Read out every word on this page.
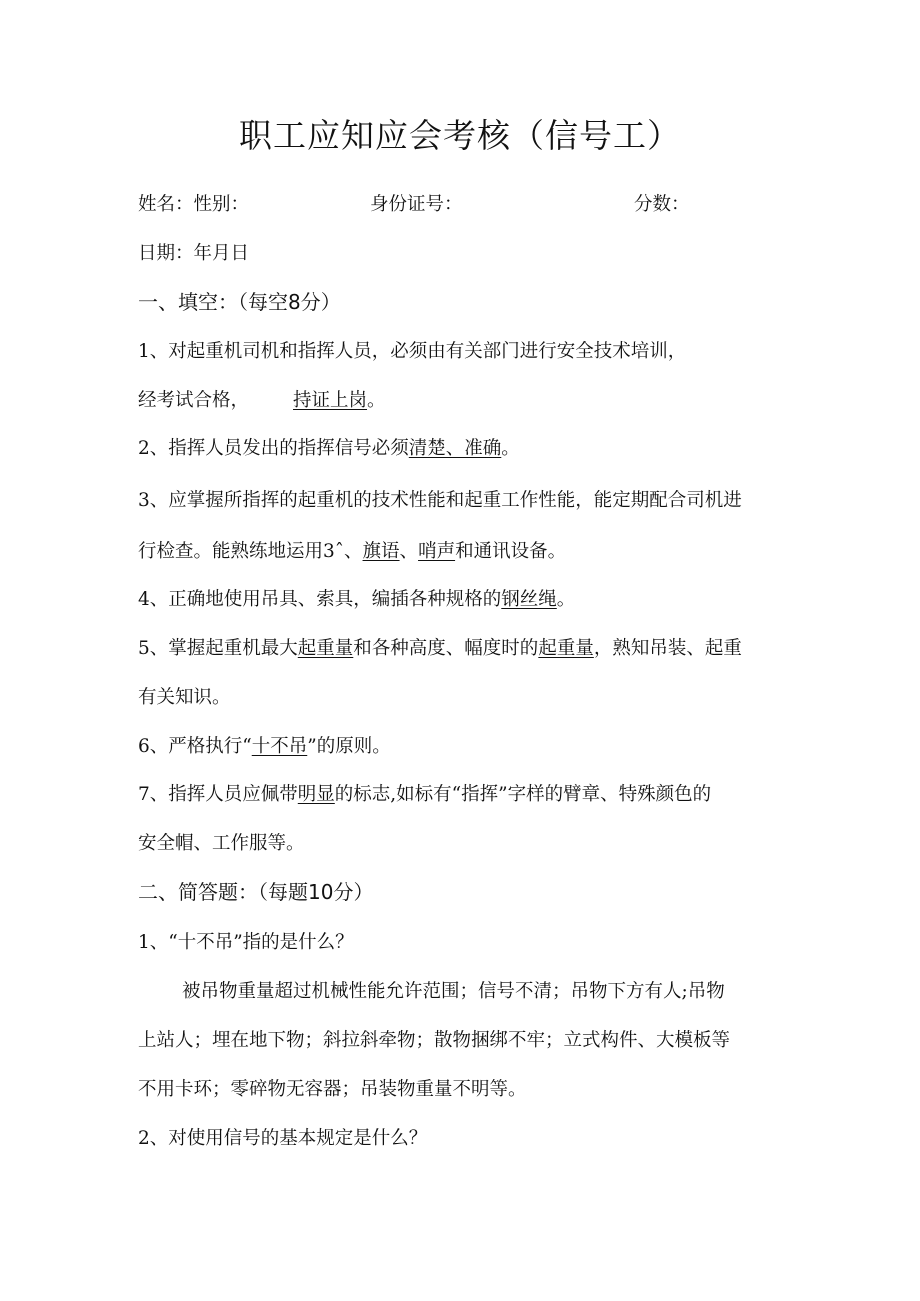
职工应知应会考核（信号工）
姓名：性别：	身份证号：	分数：
日期：年月日
一、填空：（每空8分）
1、对起重机司机和指挥人员，必须由有关部门进行安全技术培训，
经考试合格， 持证上岗。
2、指挥人员发出的指挥信号必须清楚、准确。
3、应掌握所指挥的起重机的技术性能和起重工作性能，能定期配合司机进
行检查。能熟练地运用3ˆ、旗语、哨声和通讯设备。
4、正确地使用吊具、索具，编插各种规格的钢丝绳。
5、掌握起重机最大起重量和各种高度、幅度时的起重量，熟知吊装、起重
有关知识。
6、严格执行“十不吊”的原则。
7、指挥人员应佩带明显的标志,如标有“指挥”字样的臂章、特殊颜色的
安全帽、工作服等。
二、简答题：（每题10分）
1、“十不吊”指的是什么？
被吊物重量超过机械性能允许范围；信号不清；吊物下方有人;吊物
上站人；埋在地下物；斜拉斜牵物；散物捆绑不牢；立式构件、大模板等
不用卡环；零碎物无容器；吊装物重量不明等。
2、对使用信号的基本规定是什么？
